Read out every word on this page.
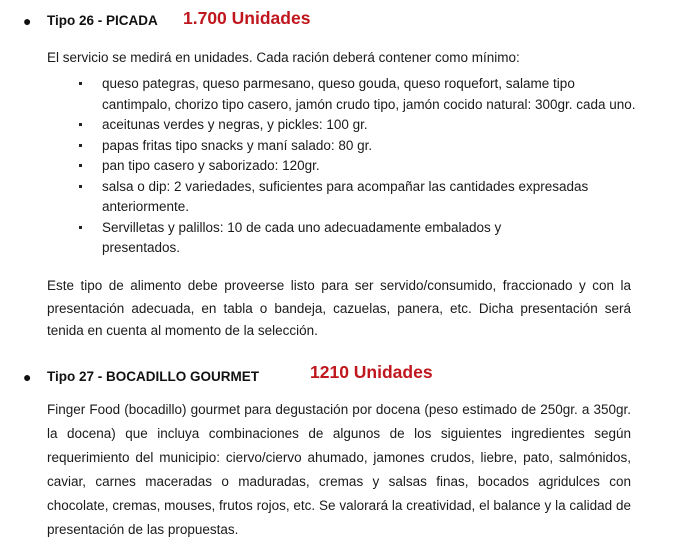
● Tipo 26 - PICADA 1.700 Unidades
El servicio se medirá en unidades. Cada ración deberá contener como mínimo:
queso pategras, queso parmesano, queso gouda, queso roquefort, salame tipo cantimpalo, chorizo tipo casero, jamón crudo tipo, jamón cocido natural: 300gr. cada uno.
aceitunas verdes y negras, y pickles: 100 gr.
papas fritas tipo snacks y maní salado: 80 gr.
pan tipo casero y saborizado: 120gr.
salsa o dip: 2 variedades, suficientes para acompañar las cantidades expresadas anteriormente.
Servilletas y palillos: 10 de cada uno adecuadamente embalados y presentados.
Este tipo de alimento debe proveerse listo para ser servido/consumido, fraccionado y con la presentación adecuada, en tabla o bandeja, cazuelas, panera, etc. Dicha presentación será tenida en cuenta al momento de la selección.
● Tipo 27 - BOCADILLO GOURMET	1210 Unidades
Finger Food (bocadillo) gourmet para degustación por docena (peso estimado de 250gr. a 350gr. la docena) que incluya combinaciones de algunos de los siguientes ingredientes según requerimiento del municipio: ciervo/ciervo ahumado, jamones crudos, liebre, pato, salmónidos, caviar, carnes maceradas o maduradas, cremas y salsas finas, bocados agridulces con chocolate, cremas, mouses, frutos rojos, etc. Se valorará la creatividad, el balance y la calidad de presentación de las propuestas.
